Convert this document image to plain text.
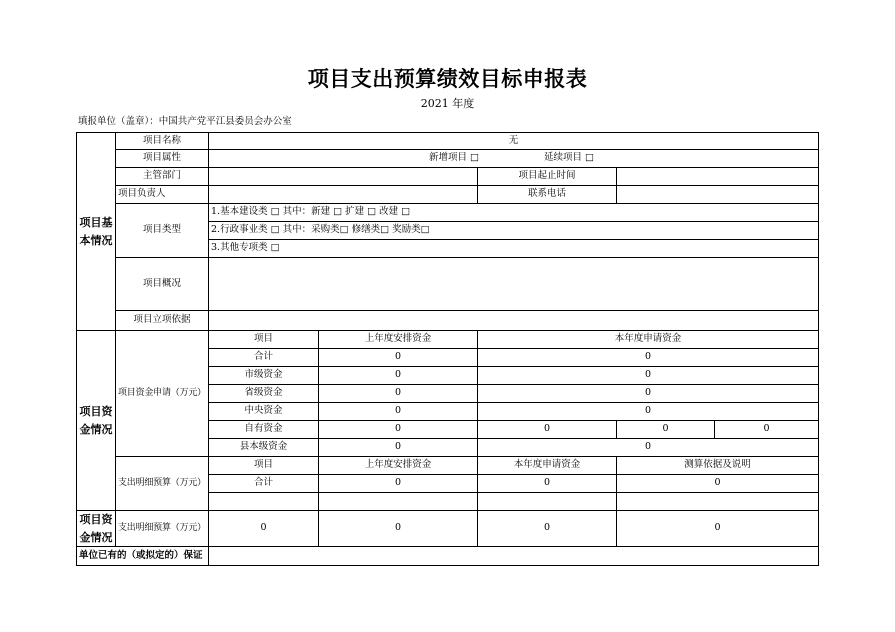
项目支出预算绩效目标申报表
2021 年度
填报单位（盖章）：中国共产党平江县委员会办公室
项目基本情况	项目名称	无				
	项目属性	新增项目 □ 延续项目 □				

	主管部门			项目起止时间		
	项目负责人			联系电话		
	项目类型	1.基本建设类 □ 其中：新建 □ 扩建 □ 改建 □				
		2.行政事业类 □ 其中：采购类□ 修缮类□ 奖励类□				
		3.其他专项类 □				
	项目概况					
	项目立项依据					
项目资金情况	项目资金申请（万元）	项目	上年度安排资金	本年度申请资金		
		合计	0	0		
		市级资金	0	0		
		省级资金	0	0		
		中央资金	0	0		
		自有资金	0	0	0	0
		县本级资金	0	0		
	支出明细预算（万元）	项目	上年度安排资金	本年度申请资金	测算依据及说明	
		合计	0	0	0	

项目资金情况	支出明细预算（万元）	0	0	0	0	
单位已有的（或拟定的）保证						
